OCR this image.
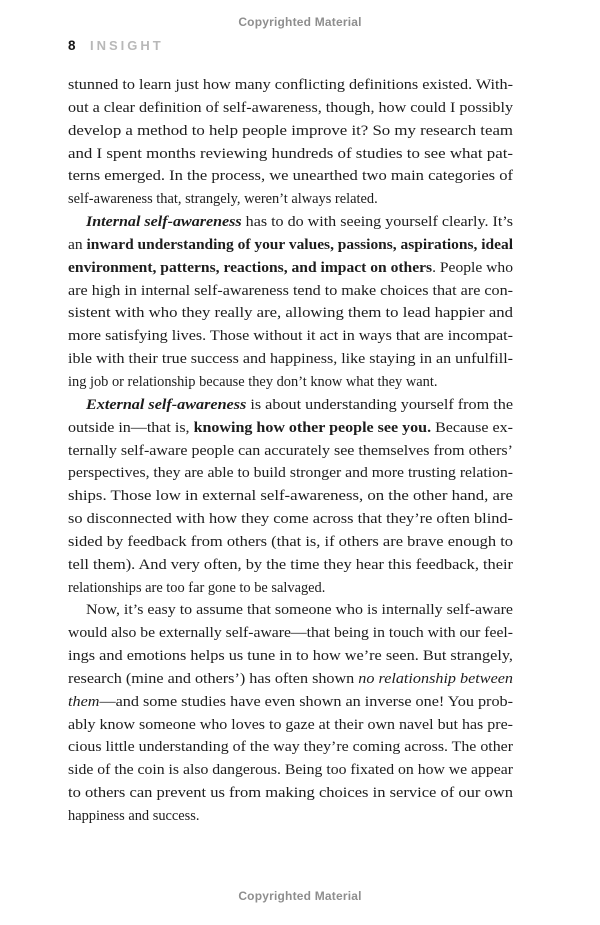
Copyrighted Material
8 INSIGHT
stunned to learn just how many conflicting definitions existed. With-
out a clear definition of self-awareness, though, how could I possibly
develop a method to help people improve it? So my research team
and I spent months reviewing hundreds of studies to see what pat-
terns emerged. In the process, we unearthed two main categories of
self-awareness that, strangely, weren’t always related.
Internal self-awareness has to do with seeing yourself clearly. It’s
an inward understanding of your values, passions, aspirations, ideal
environment, patterns, reactions, and impact on others. People who
are high in internal self-awareness tend to make choices that are con-
sistent with who they really are, allowing them to lead happier and
more satisfying lives. Those without it act in ways that are incompat-
ible with their true success and happiness, like staying in an unfulfill-
ing job or relationship because they don’t know what they want.
External self-awareness is about understanding yourself from the
outside in—that is, knowing how other people see you. Because ex-
ternally self-aware people can accurately see themselves from others’
perspectives, they are able to build stronger and more trusting relation-
ships. Those low in external self-awareness, on the other hand, are
so disconnected with how they come across that they’re often blind-
sided by feedback from others (that is, if others are brave enough to
tell them). And very often, by the time they hear this feedback, their
relationships are too far gone to be salvaged.
Now, it’s easy to assume that someone who is internally self-aware
would also be externally self-aware—that being in touch with our feel-
ings and emotions helps us tune in to how we’re seen. But strangely,
research (mine and others’) has often shown no relationship between
them—and some studies have even shown an inverse one! You prob-
ably know someone who loves to gaze at their own navel but has pre-
cious little understanding of the way they’re coming across. The other
side of the coin is also dangerous. Being too fixated on how we appear
to others can prevent us from making choices in service of our own
happiness and success.
Copyrighted Material
